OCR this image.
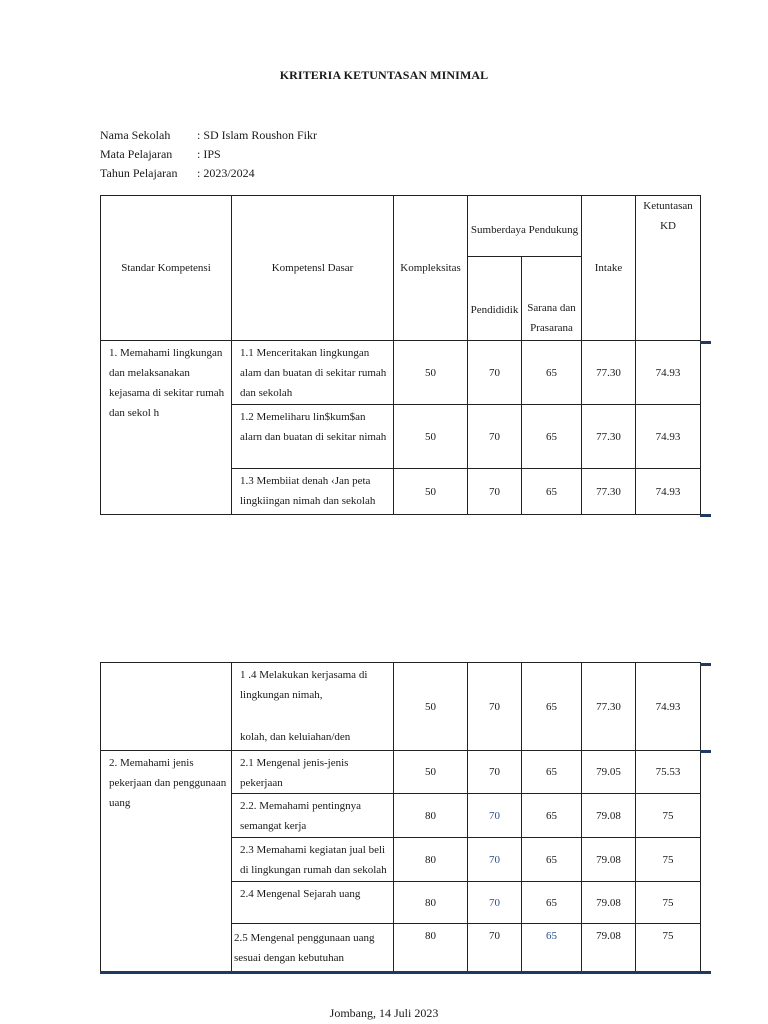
KRITERIA KETUNTASAN MINIMAL
Nama Sekolah	: SD Islam Roushon Fikr
Mata Pelajaran	: IPS
Tahun Pelajaran	: 2023/2024
Standar Kompetensi	Kompetensl Dasar	Kompleksitas	Sumberdaya Pendukung		Intake	Ketuntasan KD
			Pendididik	Sarana dan Prasarana		
1. Memahami lingkungan dan melaksanakan kejasama di sekitar rumah dan sekol h	1.1 Menceritakan lingkungan alam dan buatan di sekitar rumah dan sekolah	50	70	65	77.30	74.93
	1.2 Memeliharu lin$kum$an alarn dan buatan di sekitar nimah	50	70	65	77.30	74.93
	1.3 Membiiat denah ‹Jan peta lingkiingan nimah dan sekolah	50	70	65	77.30	74.93

	1 .4 Melakukan kerjasama di lingkungan nimah,
kolah, dan keluiahan/den	50	70	65	77.30	74.93
2. Memahami jenis pekerjaan dan penggunaan uang	2.1 Mengenal jenis-jenis pekerjaan	50	70	65	79.05	75.53
	2.2. Memahami pentingnya semangat kerja	80	70	65	79.08	75
	2.3 Memahami kegiatan jual beli di lingkungan rumah dan sekolah	80	70	65	79.08	75
	2.4 Mengenal Sejarah uang	80	70	65	79.08	75
	2.5 Mengenal penggunaan uang sesuai dengan kebutuhan	80	70	65	79.08	75
Jombang, 14 Juli 2023
